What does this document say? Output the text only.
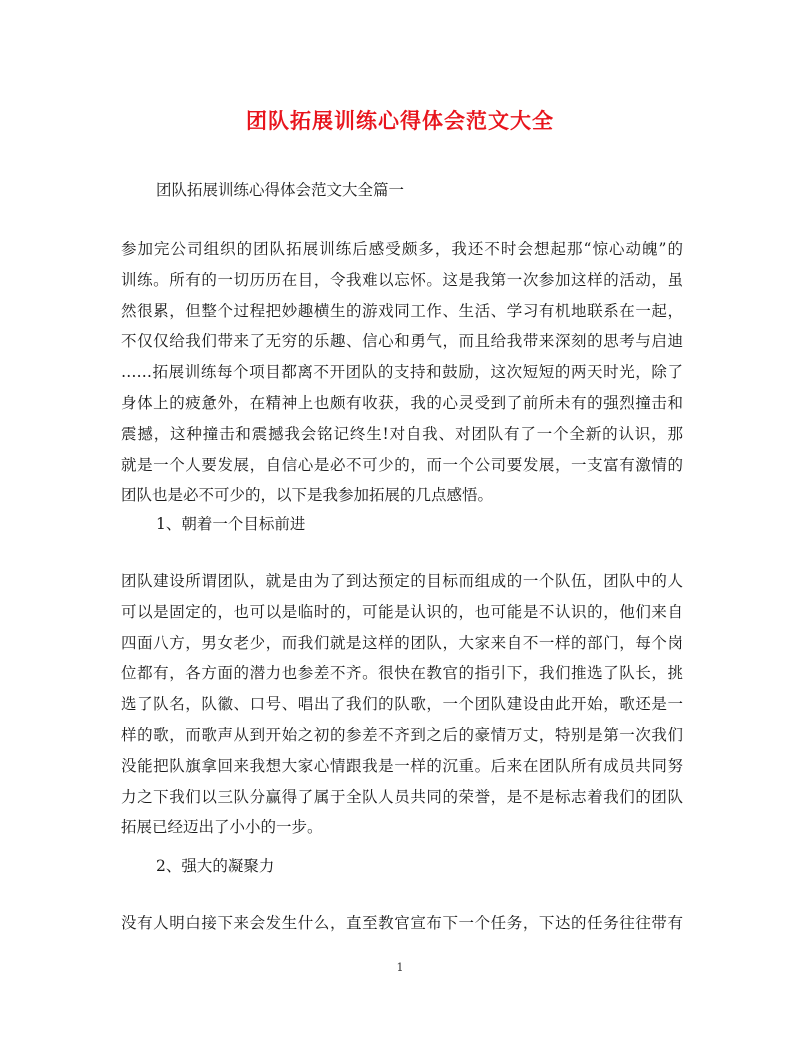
团队拓展训练心得体会范文大全
团队拓展训练心得体会范文大全篇一
参加完公司组织的团队拓展训练后感受颇多，我还不时会想起那“惊心动魄”的
训练。所有的一切历历在目，令我难以忘怀。这是我第一次参加这样的活动，虽
然很累，但整个过程把妙趣横生的游戏同工作、生活、学习有机地联系在一起，
不仅仅给我们带来了无穷的乐趣、信心和勇气，而且给我带来深刻的思考与启迪
……拓展训练每个项目都离不开团队的支持和鼓励，这次短短的两天时光，除了
身体上的疲惫外，在精神上也颇有收获，我的心灵受到了前所未有的强烈撞击和
震撼，这种撞击和震撼我会铭记终生!对自我、对团队有了一个全新的认识，那
就是一个人要发展，自信心是必不可少的，而一个公司要发展，一支富有激情的
团队也是必不可少的，以下是我参加拓展的几点感悟。
1、朝着一个目标前进
团队建设所谓团队，就是由为了到达预定的目标而组成的一个队伍，团队中的人
可以是固定的，也可以是临时的，可能是认识的，也可能是不认识的，他们来自
四面八方，男女老少，而我们就是这样的团队，大家来自不一样的部门，每个岗
位都有，各方面的潜力也参差不齐。很快在教官的指引下，我们推选了队长，挑
选了队名，队徽、口号、唱出了我们的队歌，一个团队建设由此开始，歌还是一
样的歌，而歌声从到开始之初的参差不齐到之后的豪情万丈，特别是第一次我们
没能把队旗拿回来我想大家心情跟我是一样的沉重。后来在团队所有成员共同努
力之下我们以三队分赢得了属于全队人员共同的荣誉，是不是标志着我们的团队
拓展已经迈出了小小的一步。
2、强大的凝聚力
没有人明白接下来会发生什么，直至教官宣布下一个任务，下达的任务往往带有
1
